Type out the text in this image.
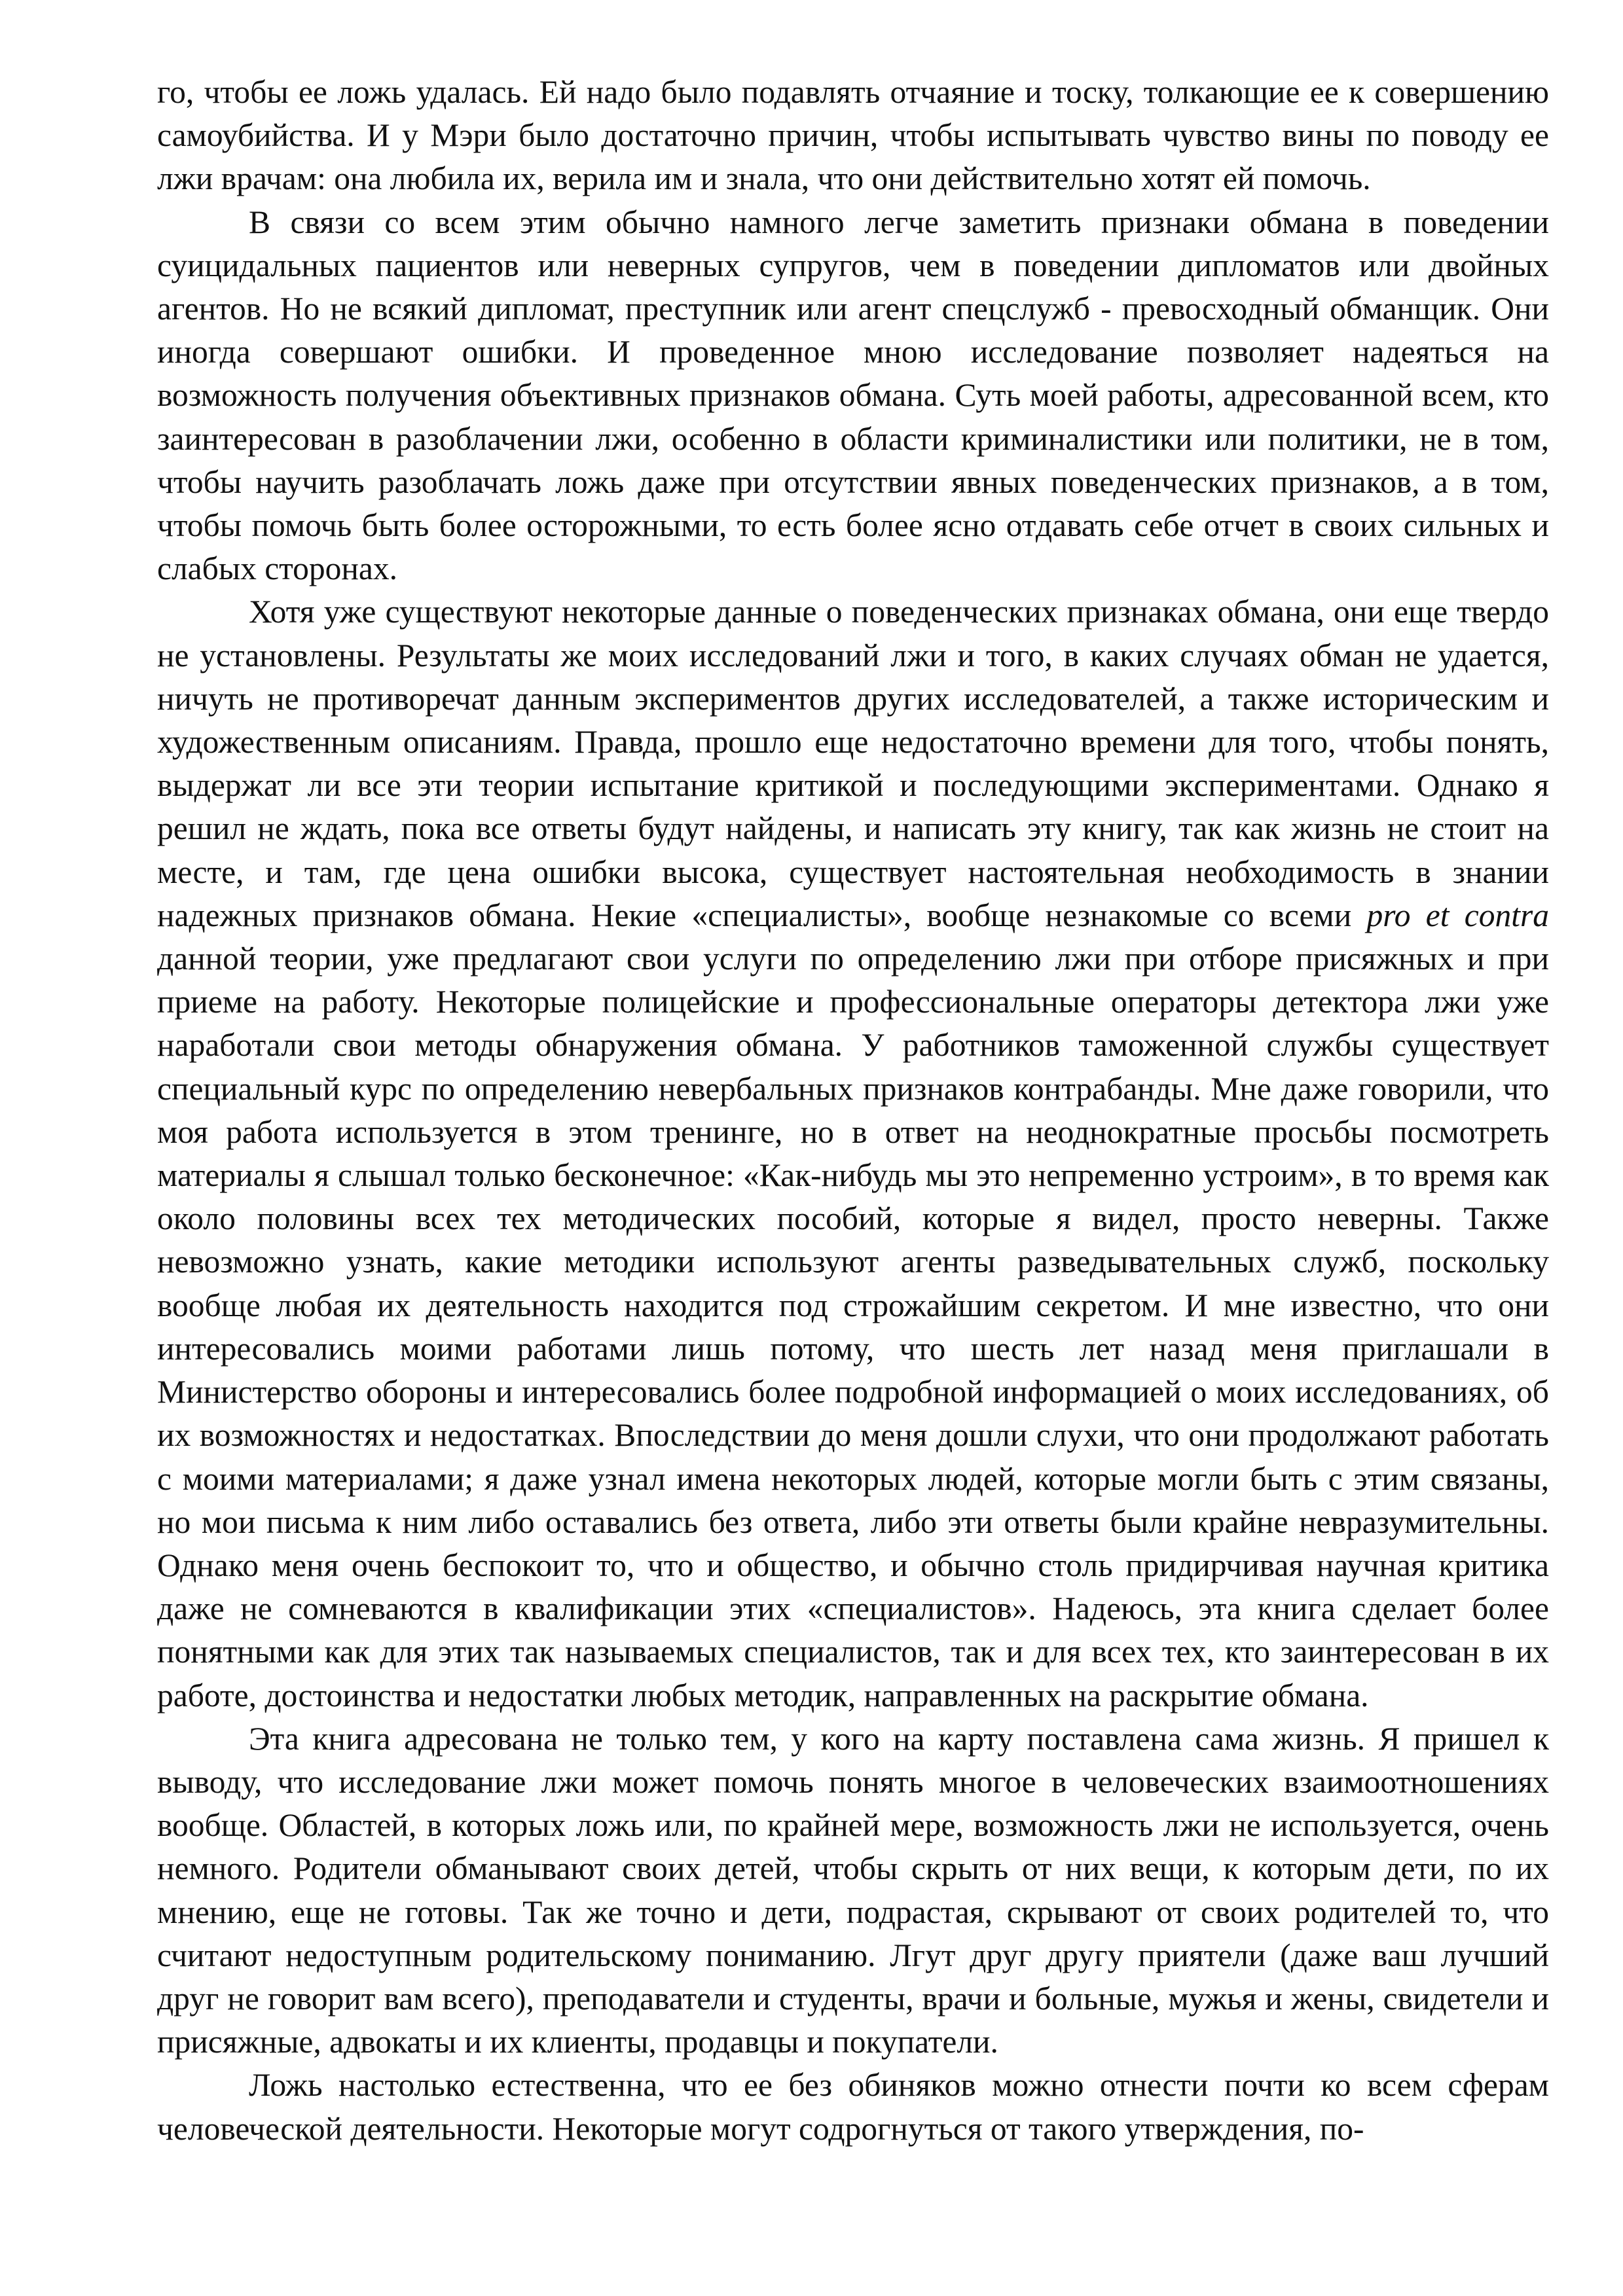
го, чтобы ее ложь удалась. Ей надо было подавлять отчаяние и тоску, толкающие ее к совершению самоубийства. И у Мэри было достаточно причин, чтобы испытывать чувство вины по поводу ее лжи врачам: она любила их, верила им и знала, что они действительно хотят ей помочь.

В связи со всем этим обычно намного легче заметить признаки обмана в поведении суицидальных пациентов или неверных супругов, чем в поведении дипломатов или двойных агентов. Но не всякий дипломат, преступник или агент спецслужб - превосходный обманщик. Они иногда совершают ошибки. И проведенное мною исследование позволяет надеяться на возможность получения объективных признаков обмана. Суть моей работы, адресованной всем, кто заинтересован в разоблачении лжи, особенно в области криминалистики или политики, не в том, чтобы научить разоблачать ложь даже при отсутствии явных поведенческих признаков, а в том, чтобы помочь быть более осторожными, то есть более ясно отдавать себе отчет в своих сильных и слабых сторонах.

Хотя уже существуют некоторые данные о поведенческих признаках обмана, они еще твердо не установлены. Результаты же моих исследований лжи и того, в каких случаях обман не удается, ничуть не противоречат данным экспериментов других исследователей, а также историческим и художественным описаниям. Правда, прошло еще недостаточно времени для того, чтобы понять, выдержат ли все эти теории испытание критикой и последующими экспериментами. Однако я решил не ждать, пока все ответы будут найдены, и написать эту книгу, так как жизнь не стоит на месте, и там, где цена ошибки высока, существует настоятельная необходимость в знании надежных признаков обмана. Некие «специалисты», вообще незнакомые со всеми pro et contra данной теории, уже предлагают свои услуги по определению лжи при отборе присяжных и при приеме на работу. Некоторые полицейские и профессиональные операторы детектора лжи уже наработали свои методы обнаружения обмана. У работников таможенной службы существует специальный курс по определению невербальных признаков контрабанды. Мне даже говорили, что моя работа используется в этом тренинге, но в ответ на неоднократные просьбы посмотреть материалы я слышал только бесконечное: «Как-нибудь мы это непременно устроим», в то время как около половины всех тех методических пособий, которые я видел, просто неверны. Также невозможно узнать, какие методики используют агенты разведывательных служб, поскольку вообще любая их деятельность находится под строжайшим секретом. И мне известно, что они интересовались моими работами лишь потому, что шесть лет назад меня приглашали в Министерство обороны и интересовались более подробной информацией о моих исследованиях, об их возможностях и недостатках. Впоследствии до меня дошли слухи, что они продолжают работать с моими материалами; я даже узнал имена некоторых людей, которые могли быть с этим связаны, но мои письма к ним либо оставались без ответа, либо эти ответы были крайне невразумительны. Однако меня очень беспокоит то, что и общество, и обычно столь придирчивая научная критика даже не сомневаются в квалификации этих «специалистов». Надеюсь, эта книга сделает более понятными как для этих так называемых специалистов, так и для всех тех, кто заинтересован в их работе, достоинства и недостатки любых методик, направленных на раскрытие обмана.

Эта книга адресована не только тем, у кого на карту поставлена сама жизнь. Я пришел к выводу, что исследование лжи может помочь понять многое в человеческих взаимоотношениях вообще. Областей, в которых ложь или, по крайней мере, возможность лжи не используется, очень немного. Родители обманывают своих детей, чтобы скрыть от них вещи, к которым дети, по их мнению, еще не готовы. Так же точно и дети, подрастая, скрывают от своих родителей то, что считают недоступным родительскому пониманию. Лгут друг другу приятели (даже ваш лучший друг не говорит вам всего), преподаватели и студенты, врачи и больные, мужья и жены, свидетели и присяжные, адвокаты и их клиенты, продавцы и покупатели.

Ложь настолько естественна, что ее без обиняков можно отнести почти ко всем сферам человеческой деятельности. Некоторые могут содрогнуться от такого утверждения, по-
